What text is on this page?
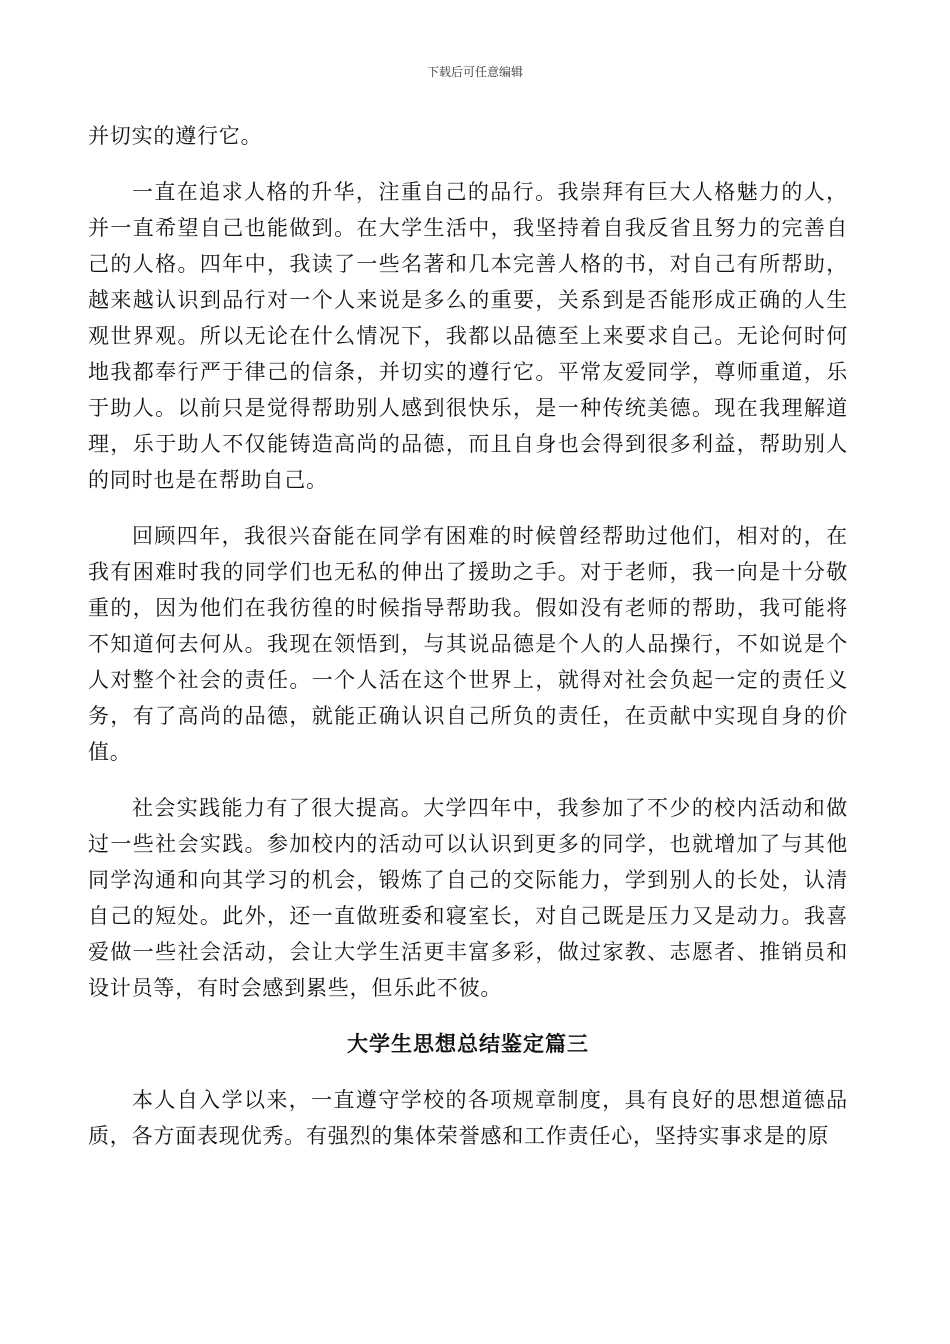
下载后可任意编辑

并切实的遵行它。

一直在追求人格的升华，注重自己的品行。我崇拜有巨大人格魅力的人，并一直希望自己也能做到。在大学生活中，我坚持着自我反省且努力的完善自己的人格。四年中，我读了一些名著和几本完善人格的书，对自己有所帮助，越来越认识到品行对一个人来说是多么的重要，关系到是否能形成正确的人生观世界观。所以无论在什么情况下，我都以品德至上来要求自己。无论何时何地我都奉行严于律己的信条，并切实的遵行它。平常友爱同学，尊师重道，乐于助人。以前只是觉得帮助别人感到很快乐，是一种传统美德。现在我理解道理，乐于助人不仅能铸造高尚的品德，而且自身也会得到很多利益，帮助别人的同时也是在帮助自己。

回顾四年，我很兴奋能在同学有困难的时候曾经帮助过他们，相对的，在我有困难时我的同学们也无私的伸出了援助之手。对于老师，我一向是十分敬重的，因为他们在我彷徨的时候指导帮助我。假如没有老师的帮助，我可能将不知道何去何从。我现在领悟到，与其说品德是个人的人品操行，不如说是个人对整个社会的责任。一个人活在这个世界上，就得对社会负起一定的责任义务，有了高尚的品德，就能正确认识自己所负的责任，在贡献中实现自身的价值。

社会实践能力有了很大提高。大学四年中，我参加了不少的校内活动和做过一些社会实践。参加校内的活动可以认识到更多的同学，也就增加了与其他同学沟通和向其学习的机会，锻炼了自己的交际能力，学到别人的长处，认清自己的短处。此外，还一直做班委和寝室长，对自己既是压力又是动力。我喜爱做一些社会活动，会让大学生活更丰富多彩，做过家教、志愿者、推销员和设计员等，有时会感到累些，但乐此不彼。

大学生思想总结鉴定篇三

本人自入学以来，一直遵守学校的各项规章制度，具有良好的思想道德品质，各方面表现优秀。有强烈的集体荣誉感和工作责任心，坚持实事求是的原
